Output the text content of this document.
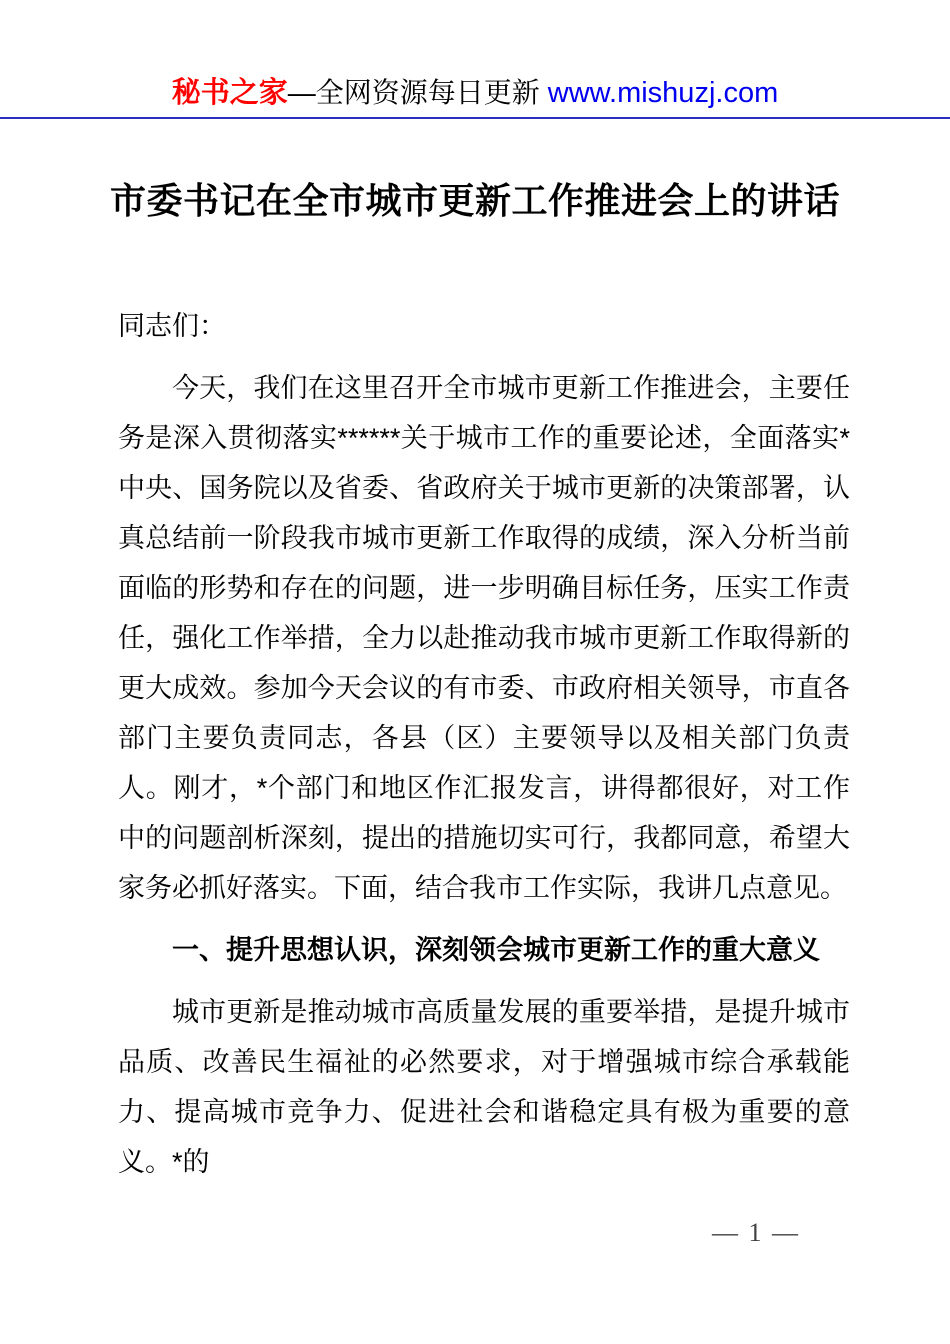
秘书之家—全网资源每日更新 www.mishuzj.com
市委书记在全市城市更新工作推进会上的讲话

同志们：

今天，我们在这里召开全市城市更新工作推进会，主要任务是深入贯彻落实******关于城市工作的重要论述，全面落实*中央、国务院以及省委、省政府关于城市更新的决策部署，认真总结前一阶段我市城市更新工作取得的成绩，深入分析当前面临的形势和存在的问题，进一步明确目标任务，压实工作责任，强化工作举措，全力以赴推动我市城市更新工作取得新的更大成效。参加今天会议的有市委、市政府相关领导，市直各部门主要负责同志，各县（区）主要领导以及相关部门负责人。刚才，*个部门和地区作汇报发言，讲得都很好，对工作中的问题剖析深刻，提出的措施切实可行，我都同意，希望大家务必抓好落实。下面，结合我市工作实际，我讲几点意见。

一、提升思想认识，深刻领会城市更新工作的重大意义

城市更新是推动城市高质量发展的重要举措，是提升城市品质、改善民生福祉的必然要求，对于增强城市综合承载能力、提高城市竞争力、促进社会和谐稳定具有极为重要的意义。*的

— 1 —
